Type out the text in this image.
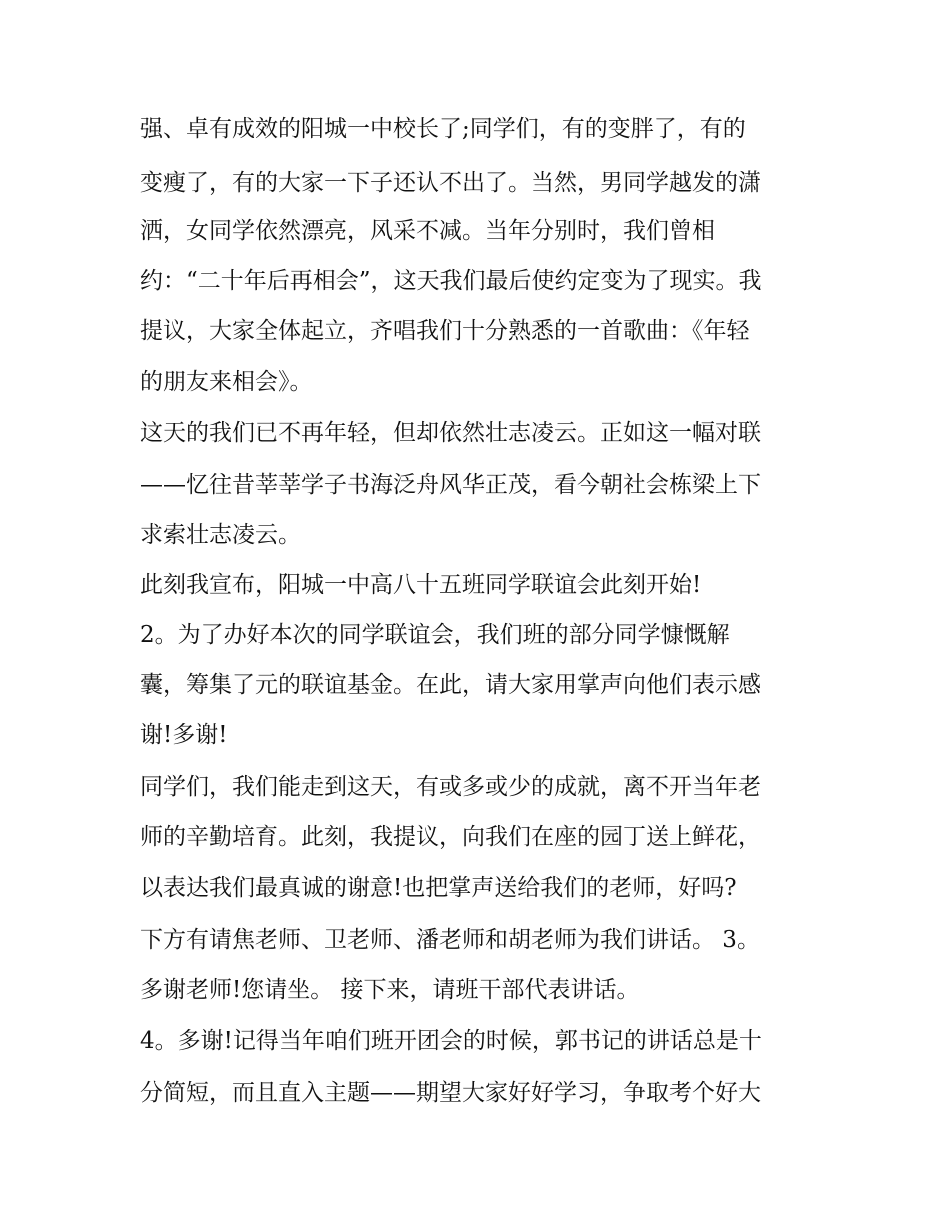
强、卓有成效的阳城一中校长了;同学们，有的变胖了，有的
变瘦了，有的大家一下子还认不出了。当然，男同学越发的潇
洒，女同学依然漂亮，风采不减。当年分别时，我们曾相
约：“二十年后再相会”，这天我们最后使约定变为了现实。我
提议，大家全体起立，齐唱我们十分熟悉的一首歌曲：《年轻
的朋友来相会》。
这天的我们已不再年轻，但却依然壮志凌云。正如这一幅对联
——忆往昔莘莘学子书海泛舟风华正茂，看今朝社会栋梁上下
求索壮志凌云。
此刻我宣布，阳城一中高八十五班同学联谊会此刻开始!
2。为了办好本次的同学联谊会，我们班的部分同学慷慨解
囊，筹集了元的联谊基金。在此，请大家用掌声向他们表示感
谢!多谢!
同学们，我们能走到这天，有或多或少的成就，离不开当年老
师的辛勤培育。此刻，我提议，向我们在座的园丁送上鲜花，
以表达我们最真诚的谢意!也把掌声送给我们的老师，好吗?
下方有请焦老师、卫老师、潘老师和胡老师为我们讲话。 3。
多谢老师!您请坐。 接下来，请班干部代表讲话。
4。多谢!记得当年咱们班开团会的时候，郭书记的讲话总是十
分简短，而且直入主题——期望大家好好学习，争取考个好大
